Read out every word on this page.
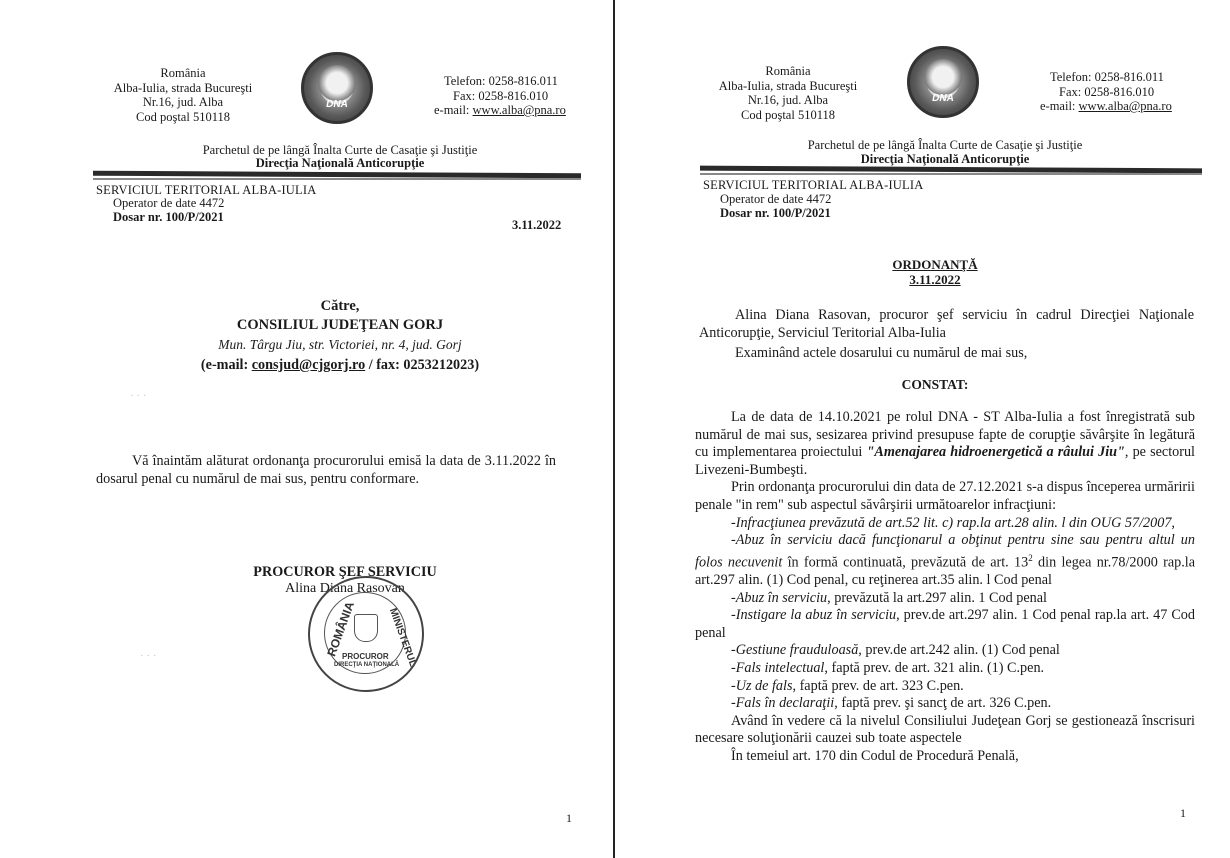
România
Alba-Iulia, strada Bucureşti
Nr.16, jud. Alba
Cod poştal 510118
DNA
Telefon: 0258-816.011
Fax: 0258-816.010
e-mail: www.alba@pna.ro
Parchetul de pe lângă Înalta Curte de Casaţie şi Justiţie
Direcţia Naţională Anticorupţie
SERVICIUL TERITORIAL ALBA-IULIA
Operator de date 4472
Dosar nr. 100/P/2021
3.11.2022
Către,
CONSILIUL JUDEŢEAN GORJ
Mun. Târgu Jiu, str. Victoriei, nr. 4, jud. Gorj
(e-mail: consjud@cjgorj.ro / fax: 0253212023)
Vă înaintăm alăturat ordonanţa procurorului emisă la data de 3.11.2022 în dosarul penal cu numărul de mai sus, pentru conformare.
PROCUROR ŞEF SERVICIU
Alina Diana Rasovan
ROMÂNIA	MINISTERUL
PROCUROR
DIRECŢIA NAŢIONALĂ
· · ·
· · ·
1
România
Alba-Iulia, strada Bucureşti
Nr.16, jud. Alba
Cod poştal 510118
DNA
Telefon: 0258-816.011
Fax: 0258-816.010
e-mail: www.alba@pna.ro
Parchetul de pe lângă Înalta Curte de Casaţie şi Justiţie
Direcţia Naţională Anticorupţie
SERVICIUL TERITORIAL ALBA-IULIA
Operator de date 4472
Dosar nr. 100/P/2021
ORDONANŢĂ
3.11.2022
Alina Diana Rasovan, procuror şef serviciu în cadrul Direcţiei Naţionale Anticorupţie, Serviciul Teritorial Alba-Iulia
Examinând actele dosarului cu numărul de mai sus,
CONSTAT:
La de data de 14.10.2021 pe rolul DNA - ST Alba-Iulia a fost înregistrată sub numărul de mai sus, sesizarea privind presupuse fapte de corupţie săvârşite în legătură cu implementarea proiectului "Amenajarea hidroenergetică a râului Jiu", pe sectorul Livezeni-Bumbeşti.
Prin ordonanţa procurorului din data de 27.12.2021 s-a dispus începerea urmăririi penale "in rem" sub aspectul săvârşirii următoarelor infracţiuni:
-Infracţiunea prevăzută de art.52 lit. c) rap.la art.28 alin. l din OUG 57/2007,
-Abuz în serviciu dacă funcţionarul a obţinut pentru sine sau pentru altul un folos necuvenit în formă continuată, prevăzută de art. $13^2$ din legea nr.78/2000 rap.la art.297 alin. (1) Cod penal, cu reţinerea art.35 alin. l Cod penal
-Abuz în serviciu, prevăzută la art.297 alin. 1 Cod penal
-Instigare la abuz în serviciu, prev.de art.297 alin. 1 Cod penal rap.la art. 47 Cod penal
-Gestiune frauduloasă, prev.de art.242 alin. (1) Cod penal
-Fals intelectual, faptă prev. de art. 321 alin. (1) C.pen.
-Uz de fals, faptă prev. de art. 323 C.pen.
-Fals în declaraţii, faptă prev. şi sancţ de art. 326 C.pen.
Având în vedere că la nivelul Consiliului Judeţean Gorj se gestionează înscrisuri necesare soluţionării cauzei sub toate aspectele
În temeiul art. 170 din Codul de Procedură Penală,
1
